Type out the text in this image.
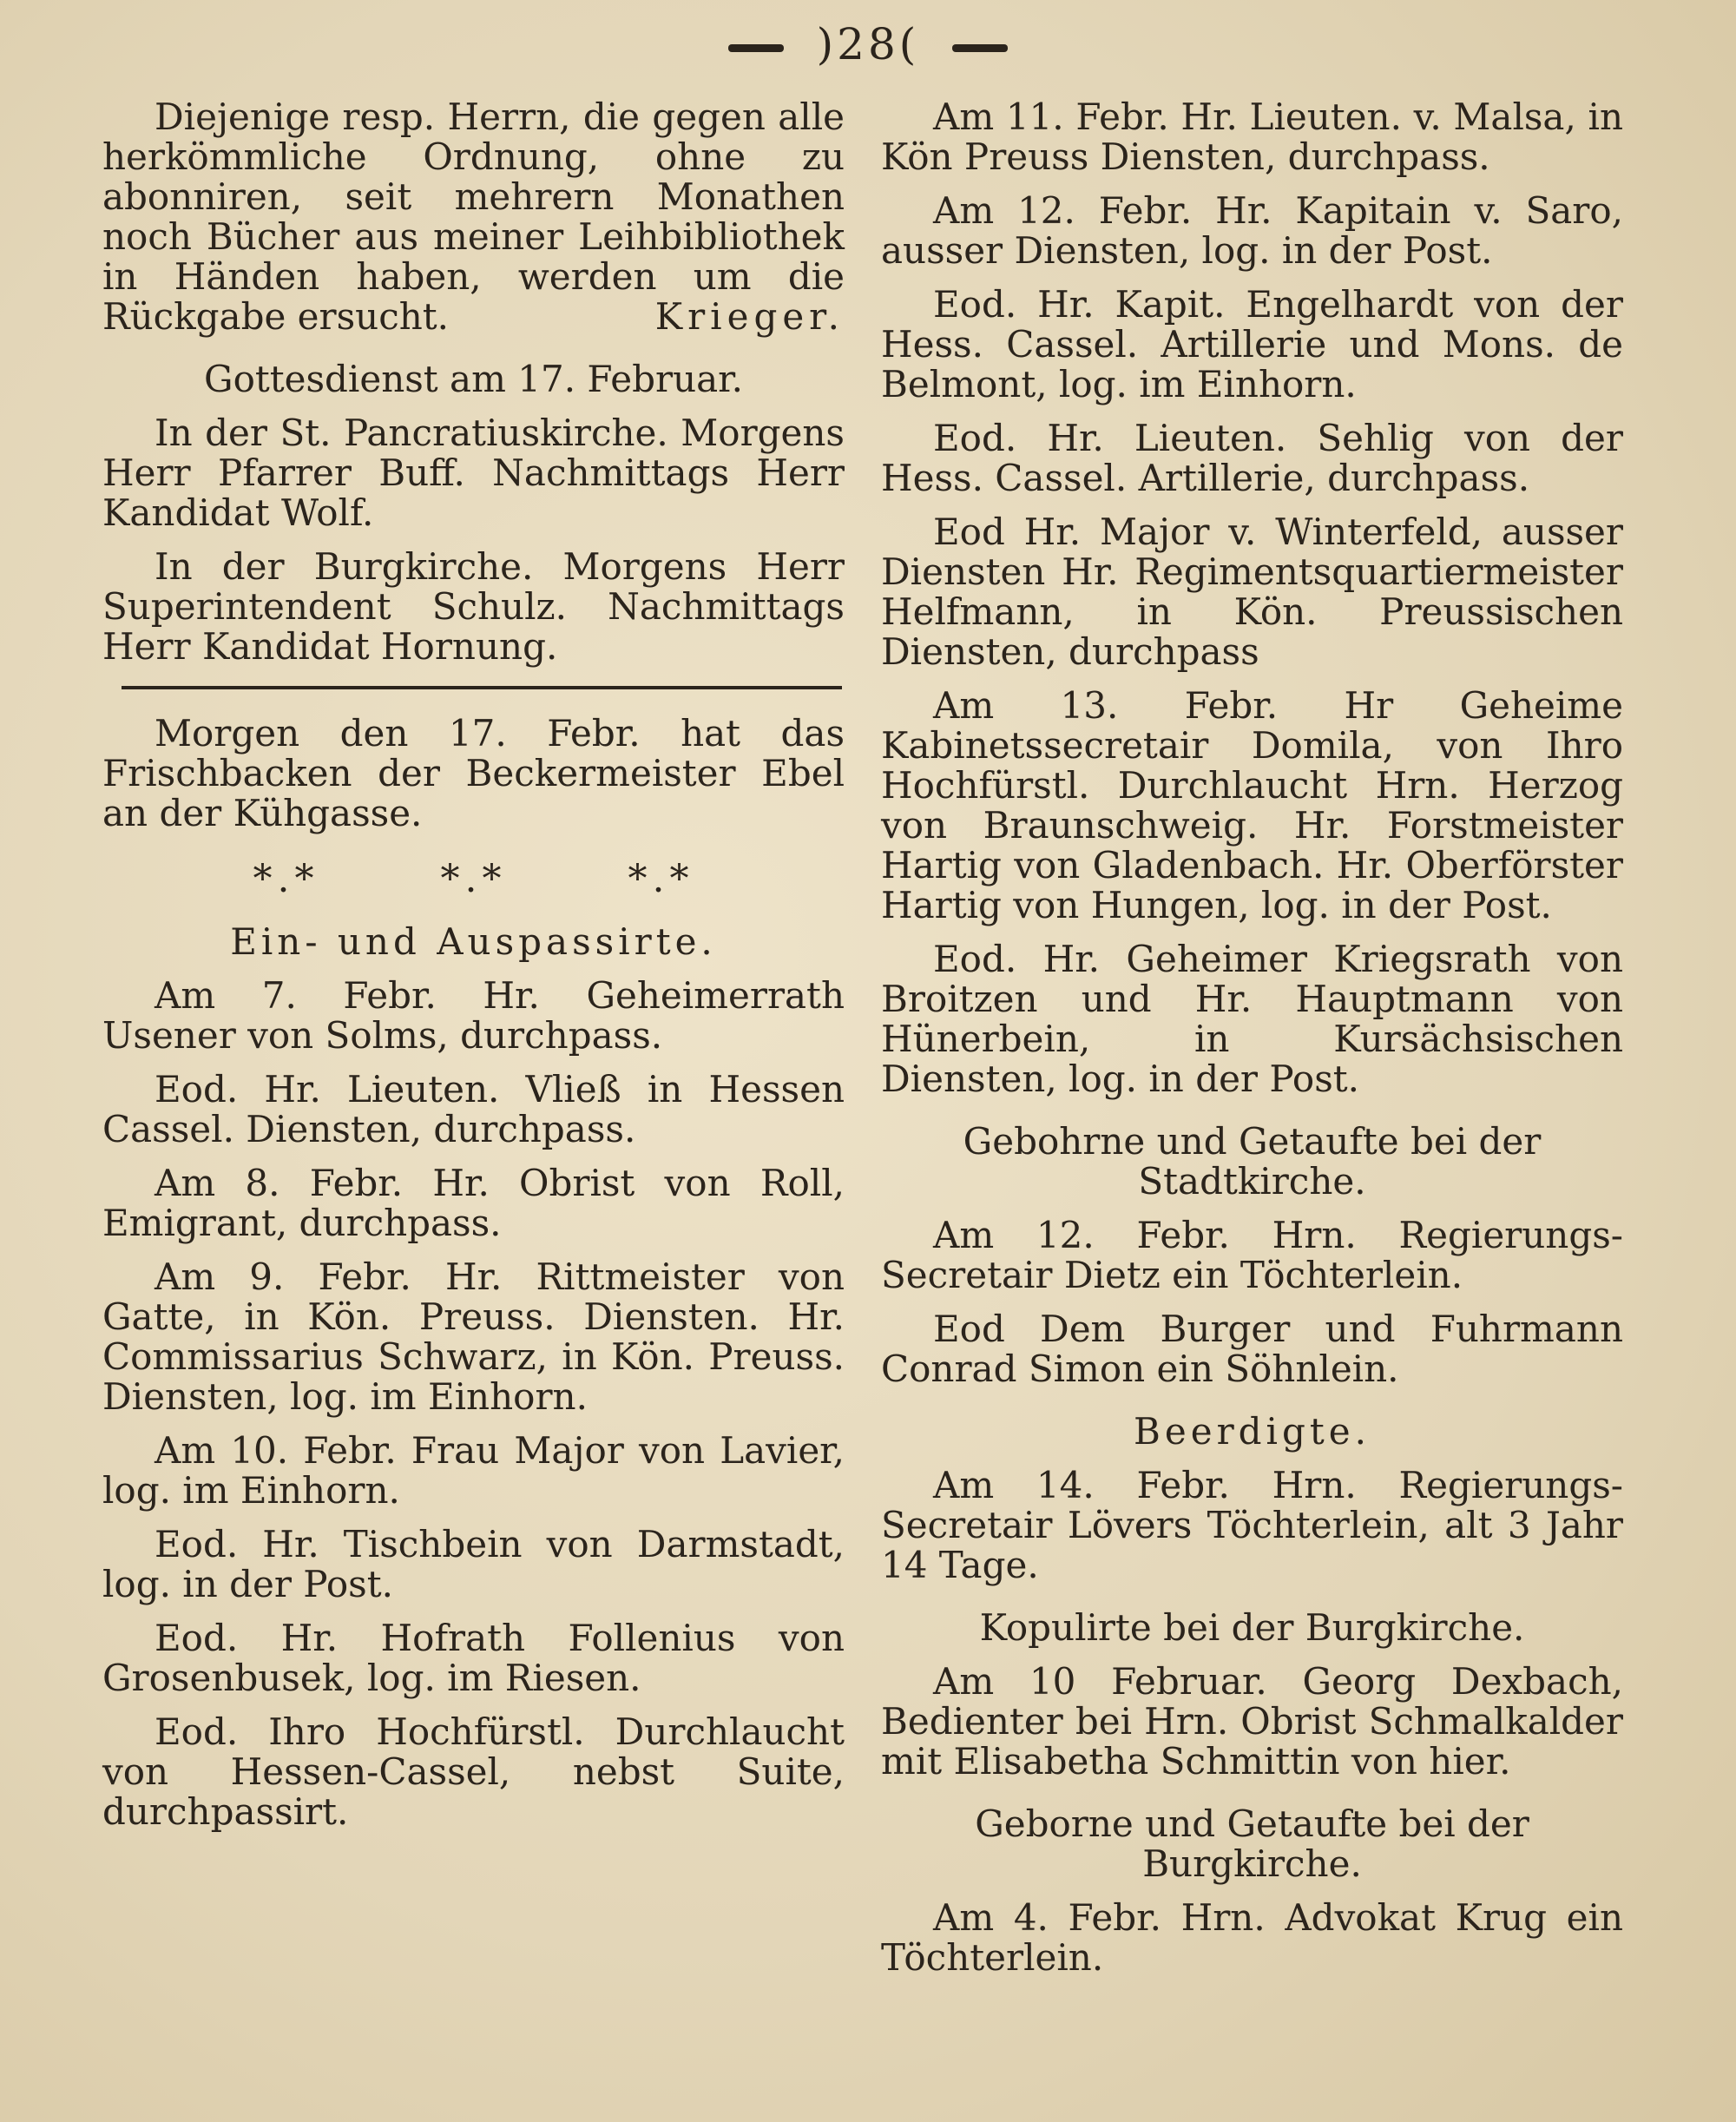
)28(

Diejenige resp. Herrn, die gegen alle herkömmliche Ordnung, ohne zu abonniren, seit mehrern Monathen noch Bücher aus meiner Leihbibliothek in Händen haben, werden um die Rückgabe ersucht.	Krieger.

Gottesdienst am 17. Februar.

In der St. Pancratiuskirche. Morgens Herr Pfarrer Buff. Nachmittags Herr Kandidat Wolf.

In der Burgkirche. Morgens Herr Superintendent Schulz. Nachmittags Herr Kandidat Hornung.

Morgen den 17. Febr. hat das Frischbacken der Beckermeister Ebel an der Kühgasse.

*.*	*.*	*.*
Ein- und Auspassirte.

Am 7. Febr. Hr. Geheimerrath Usener von Solms, durchpass.

Eod. Hr. Lieuten. Vließ in Hessen Cassel. Diensten, durchpass.

Am 8. Febr. Hr. Obrist von Roll, Emigrant, durchpass.

Am 9. Febr. Hr. Rittmeister von Gatte, in Kön. Preuss. Diensten. Hr. Commissarius Schwarz, in Kön. Preuss. Diensten, log. im Einhorn.

Am 10. Febr. Frau Major von Lavier, log. im Einhorn.

Eod. Hr. Tischbein von Darmstadt, log. in der Post.

Eod. Hr. Hofrath Follenius von Grosenbusek, log. im Riesen.

Eod. Ihro Hochfürstl. Durchlaucht von Hessen-Cassel, nebst Suite, durchpassirt.

Am 11. Febr. Hr. Lieuten. v. Malsa, in Kön Preuss Diensten, durchpass.

Am 12. Febr. Hr. Kapitain v. Saro, ausser Diensten, log. in der Post.

Eod. Hr. Kapit. Engelhardt von der Hess. Cassel. Artillerie und Mons. de Belmont, log. im Einhorn.

Eod. Hr. Lieuten. Sehlig von der Hess. Cassel. Artillerie, durchpass.

Eod Hr. Major v. Winterfeld, ausser Diensten Hr. Regimentsquartiermeister Helfmann, in Kön. Preussischen Diensten, durchpass

Am 13. Febr. Hr Geheime Kabinetssecretair Domila, von Ihro Hochfürstl. Durchlaucht Hrn. Herzog von Braunschweig. Hr. Forstmeister Hartig von Gladenbach. Hr. Oberförster Hartig von Hungen, log. in der Post.

Eod. Hr. Geheimer Kriegsrath von Broitzen und Hr. Hauptmann von Hünerbein, in Kursächsischen Diensten, log. in der Post.

Gebohrne und Getaufte bei der Stadtkirche.

Am 12. Febr. Hrn. Regierungs-Secretair Dietz ein Töchterlein.

Eod Dem Burger und Fuhrmann Conrad Simon ein Söhnlein.

Beerdigte.

Am 14. Febr. Hrn. Regierungs-Secretair Lövers Töchterlein, alt 3 Jahr 14 Tage.

Kopulirte bei der Burgkirche.

Am 10 Februar. Georg Dexbach, Bedienter bei Hrn. Obrist Schmalkalder mit Elisabetha Schmittin von hier.

Geborne und Getaufte bei der Burgkirche.

Am 4. Febr. Hrn. Advokat Krug ein Töchterlein.
